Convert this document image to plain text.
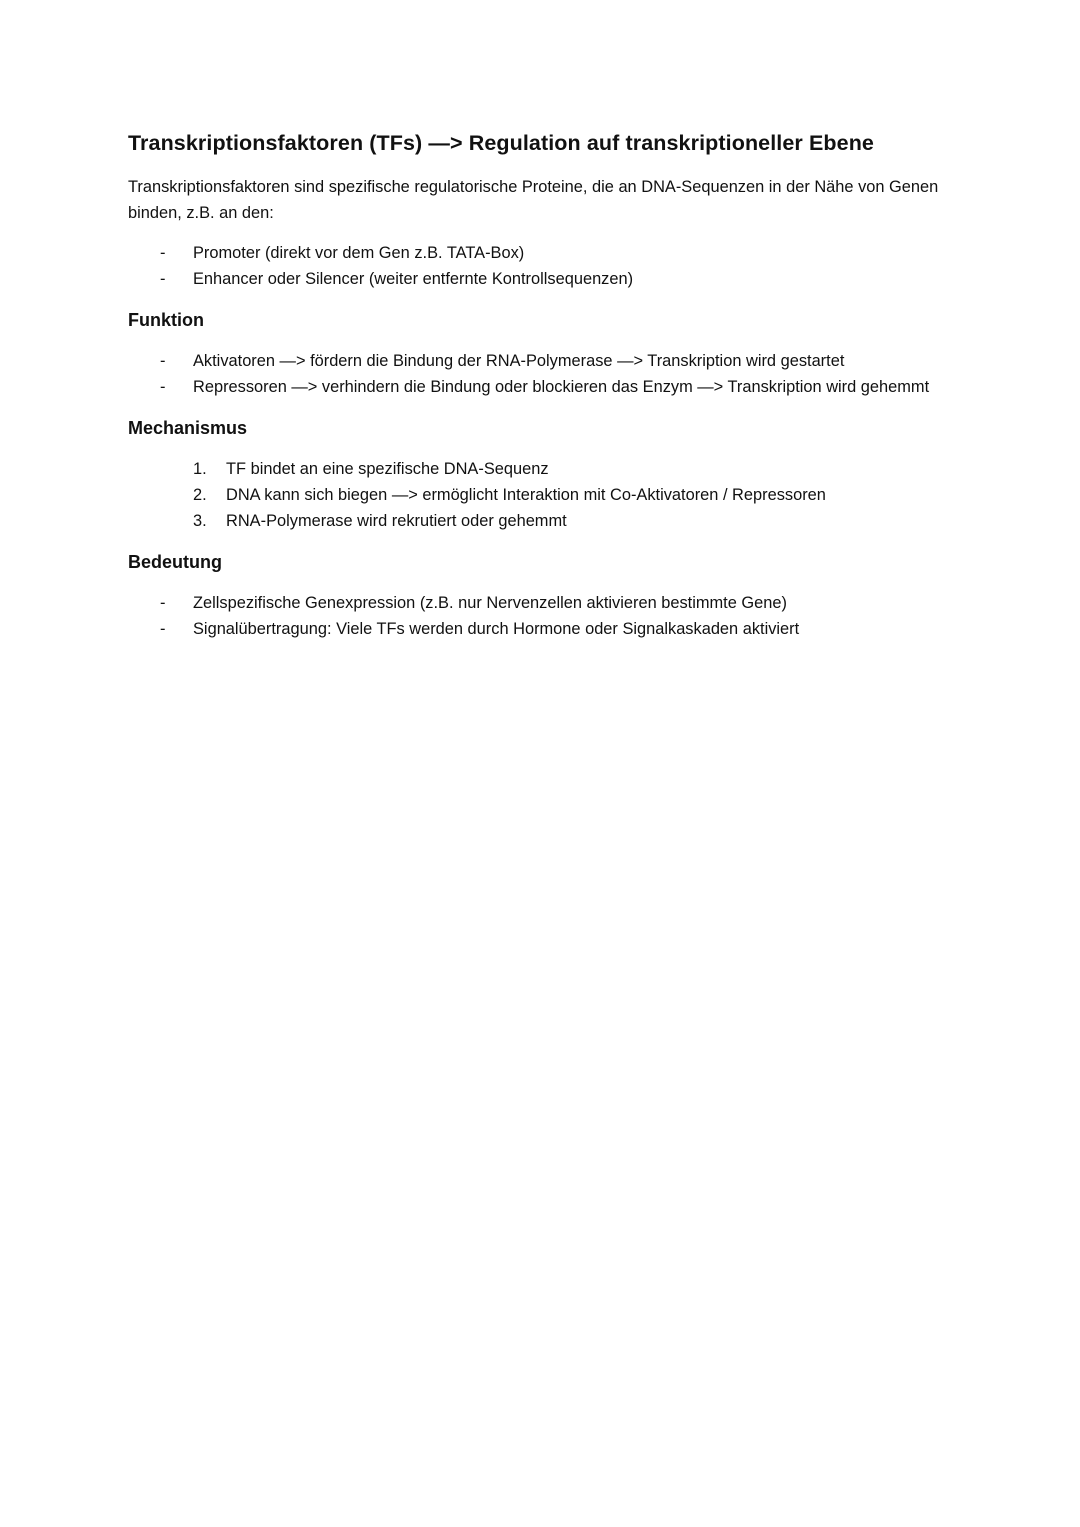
Transkriptionsfaktoren (TFs) —> Regulation auf transkriptioneller Ebene

Transkriptionsfaktoren sind spezifische regulatorische Proteine, die an DNA-Sequenzen in der Nähe von Genen binden, z.B. an den:

- Promoter (direkt vor dem Gen z.B. TATA-Box)
- Enhancer oder Silencer (weiter entfernte Kontrollsequenzen)
Funktion
- Aktivatoren —> fördern die Bindung der RNA-Polymerase —> Transkription wird gestartet
- Repressoren —> verhindern die Bindung oder blockieren das Enzym —> Transkription wird gehemmt
Mechanismus
1. TF bindet an eine spezifische DNA-Sequenz
2. DNA kann sich biegen —> ermöglicht Interaktion mit Co-Aktivatoren / Repressoren
3. RNA-Polymerase wird rekrutiert oder gehemmt
Bedeutung
- Zellspezifische Genexpression (z.B. nur Nervenzellen aktivieren bestimmte Gene)
- Signalübertragung: Viele TFs werden durch Hormone oder Signalkaskaden aktiviert
